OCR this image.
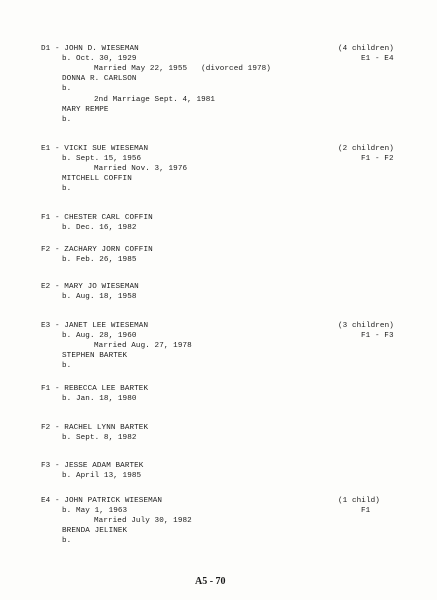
D1 - JOHN D. WIESEMAN	(4 children)
b. Oct. 30, 1929	E1 - E4
Married May 22, 1955   (divorced 1978)
DONNA R. CARLSON
b.
2nd Marriage Sept. 4, 1981
MARY REMPE
b.
E1 - VICKI SUE WIESEMAN	(2 children)
b. Sept. 15, 1956	F1 - F2
Married Nov. 3, 1976
MITCHELL COFFIN
b.
F1 - CHESTER CARL COFFIN
b. Dec. 16, 1982
F2 - ZACHARY JORN COFFIN
b. Feb. 26, 1985
E2 - MARY JO WIESEMAN
b. Aug. 18, 1958
E3 - JANET LEE WIESEMAN	(3 children)
b. Aug. 28, 1960	F1 - F3
Married Aug. 27, 1978
STEPHEN BARTEK
b.
F1 - REBECCA LEE BARTEK
b. Jan. 18, 1980
F2 - RACHEL LYNN BARTEK
b. Sept. 8, 1982
F3 - JESSE ADAM BARTEK
b. April 13, 1985
E4 - JOHN PATRICK WIESEMAN	(1 child)
b. May 1, 1963	F1
Married July 30, 1982
BRENDA JELINEK
b.
A5 - 70
